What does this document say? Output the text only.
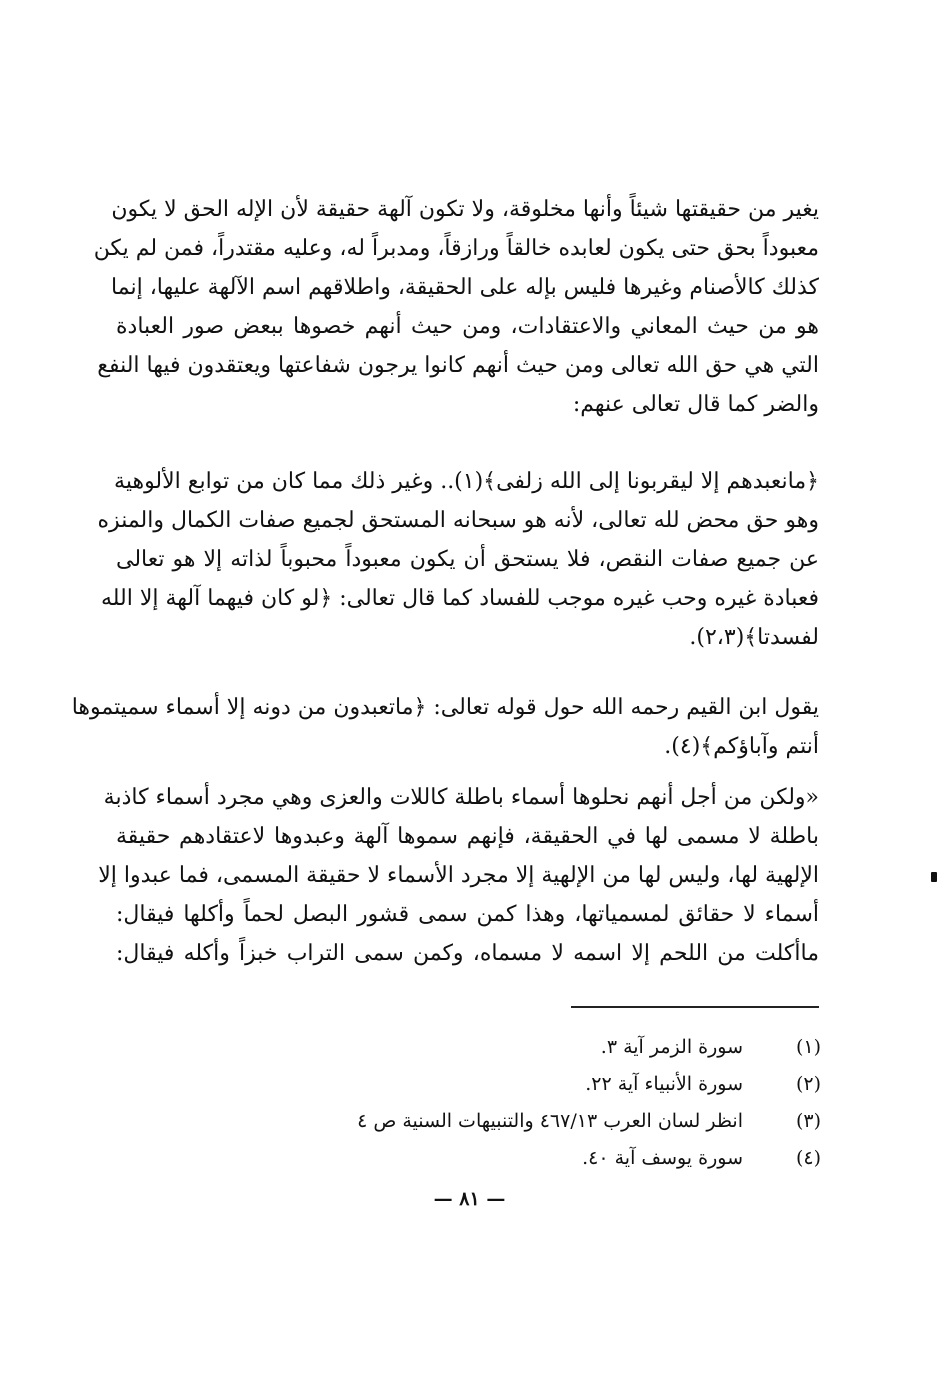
يغير من حقيقتها شيئاً وأنها مخلوقة، ولا تكون آلهة حقيقة لأن الإله الحق لا يكون
معبوداً بحق حتى يكون لعابده خالقاً ورازقاً، ومدبراً له، وعليه مقتدراً، فمن لم يكن
كذلك كالأصنام وغيرها فليس بإله على الحقيقة، واطلاقهم اسم الآلهة عليها، إنما
هو من حيث المعاني والاعتقادات، ومن حيث أنهم خصوها ببعض صور العبادة
التي هي حق الله تعالى ومن حيث أنهم كانوا يرجون شفاعتها ويعتقدون فيها النفع
والضر كما قال تعالى عنهم:
﴿مانعبدهم إلا ليقربونا إلى الله زلفى﴾(١).. وغير ذلك مما كان من توابع الألوهية
وهو حق محض لله تعالى، لأنه هو سبحانه المستحق لجميع صفات الكمال والمنزه
عن جميع صفات النقص، فلا يستحق أن يكون معبوداً محبوباً لذاته إلا هو تعالى
فعبادة غيره وحب غيره موجب للفساد كما قال تعالى: ﴿لو كان فيهما آلهة إلا الله
لفسدتا﴾(٢،٣).
يقول ابن القيم رحمه الله حول قوله تعالى: ﴿ماتعبدون من دونه إلا أسماء سميتموها
أنتم وآباؤكم﴾(٤).
«ولكن من أجل أنهم نحلوها أسماء باطلة كاللات والعزى وهي مجرد أسماء كاذبة
باطلة لا مسمى لها في الحقيقة، فإنهم سموها آلهة وعبدوها لاعتقادهم حقيقة
الإلهية لها، وليس لها من الإلهية إلا مجرد الأسماء لا حقيقة المسمى، فما عبدوا إلا
أسماء لا حقائق لمسمياتها، وهذا كمن سمى قشور البصل لحماً وأكلها فيقال:
ماأكلت من اللحم إلا اسمه لا مسماه، وكمن سمى التراب خبزاً وأكله فيقال:
(١)
سورة الزمر آية ٣.
(٢)
سورة الأنبياء آية ٢٢.
(٣)
انظر لسان العرب ٤٦٧/١٣ والتنبيهات السنية ص ٤
(٤)
سورة يوسف آية ٤٠.
— ٨١ —
